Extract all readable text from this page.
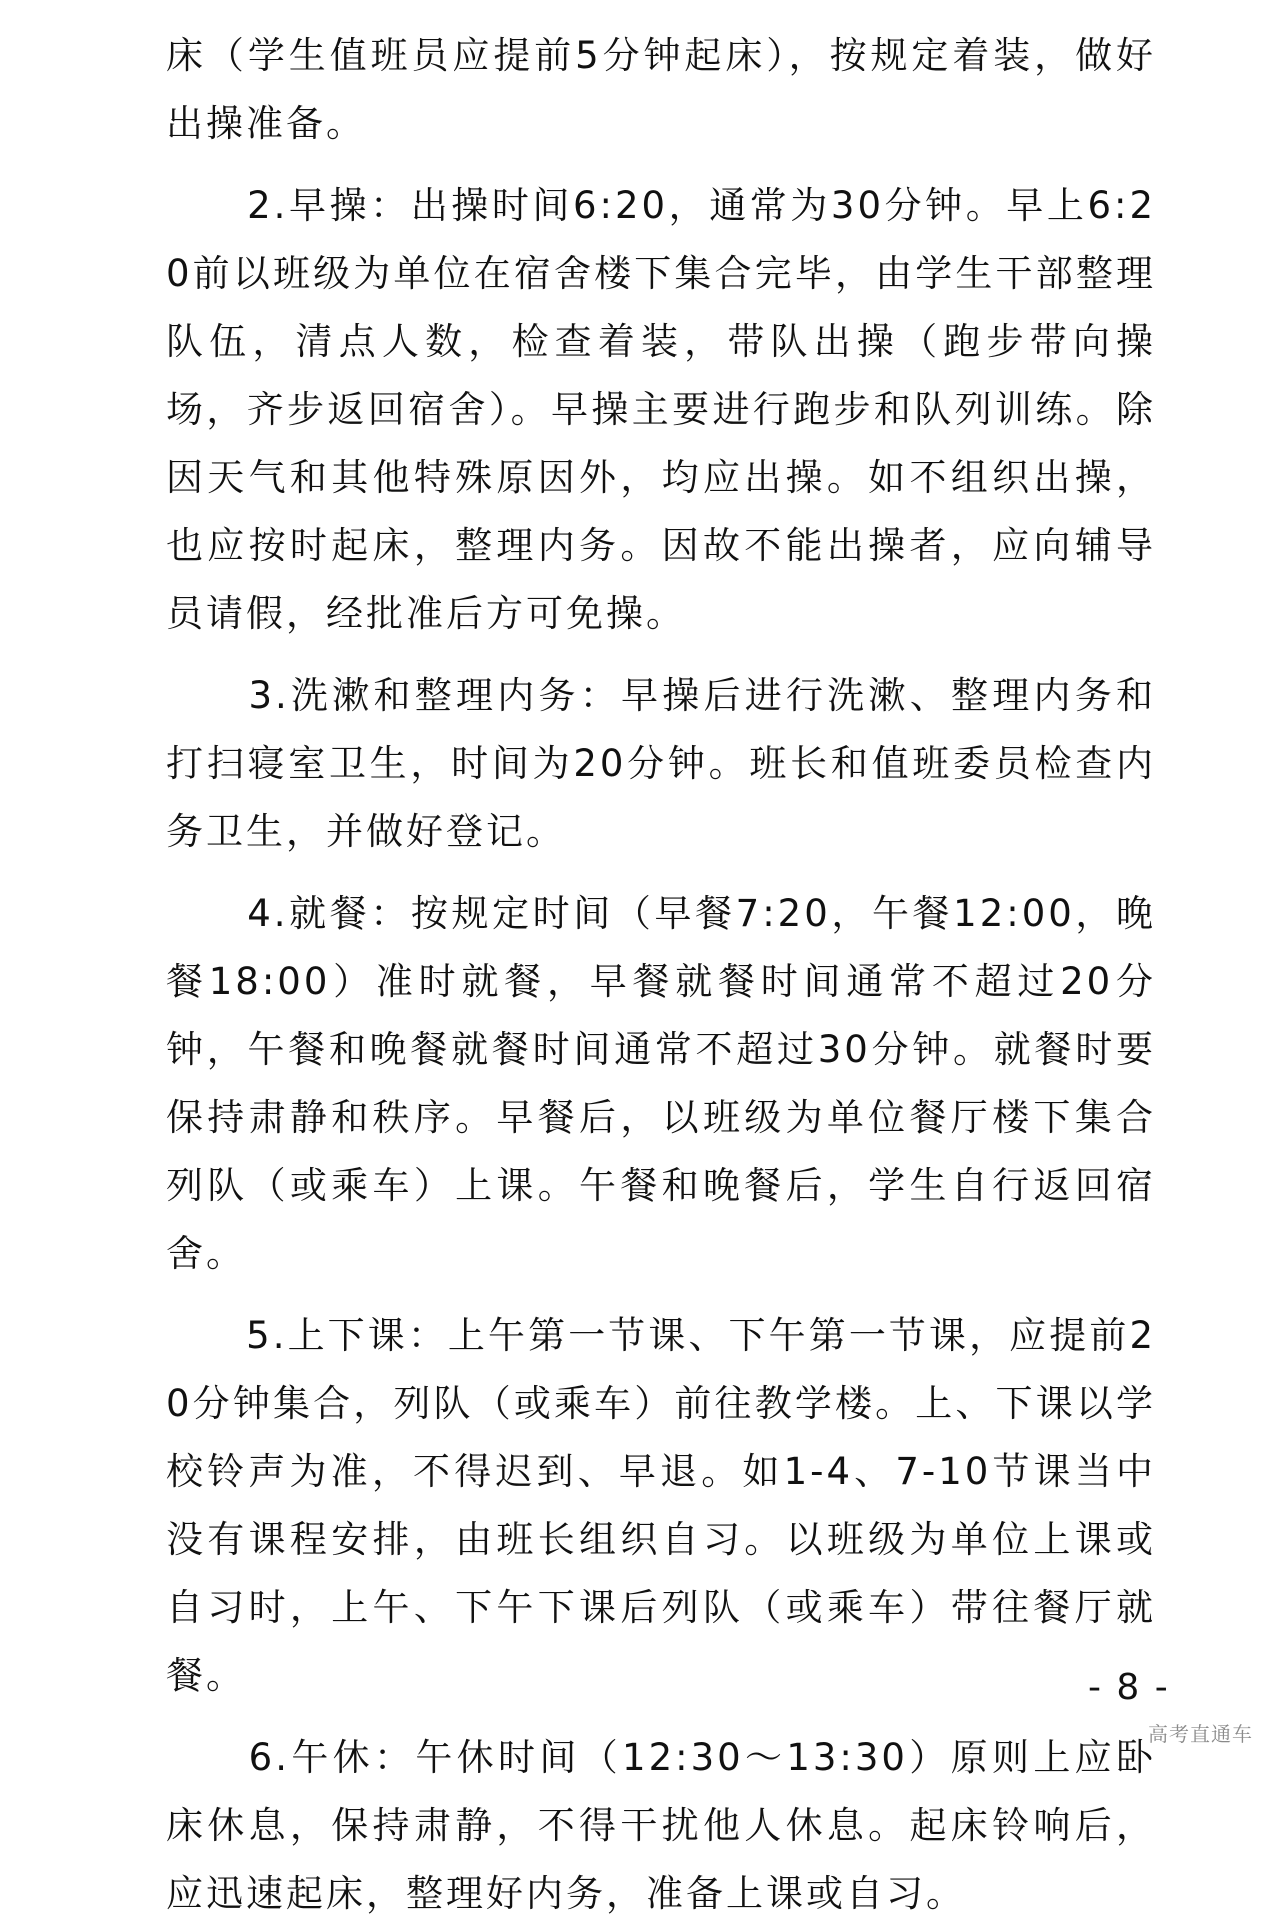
床（学生值班员应提前5分钟起床），按规定着装，做好出操准备。

　　2.早操：出操时间6:20，通常为30分钟。早上6:20前以班级为单位在宿舍楼下集合完毕，由学生干部整理队伍，清点人数，检查着装，带队出操（跑步带向操场，齐步返回宿舍）。早操主要进行跑步和队列训练。除因天气和其他特殊原因外，均应出操。如不组织出操，也应按时起床，整理内务。因故不能出操者，应向辅导员请假，经批准后方可免操。

　　3.洗漱和整理内务：早操后进行洗漱、整理内务和打扫寝室卫生，时间为20分钟。班长和值班委员检查内务卫生，并做好登记。

　　4.就餐：按规定时间（早餐7:20，午餐12:00，晚餐18:00）准时就餐，早餐就餐时间通常不超过20分钟，午餐和晚餐就餐时间通常不超过30分钟。就餐时要保持肃静和秩序。早餐后，以班级为单位餐厅楼下集合列队（或乘车）上课。午餐和晚餐后，学生自行返回宿舍。

　　5.上下课：上午第一节课、下午第一节课，应提前20分钟集合，列队（或乘车）前往教学楼。上、下课以学校铃声为准，不得迟到、早退。如1-4、7-10节课当中没有课程安排，由班长组织自习。以班级为单位上课或自习时，上午、下午下课后列队（或乘车）带往餐厅就餐。

　　6.午休：午休时间（12:30～13:30）原则上应卧床休息，保持肃静，不得干扰他人休息。起床铃响后，应迅速起床，整理好内务，准备上课或自习。

- 8 -
高考直通车
